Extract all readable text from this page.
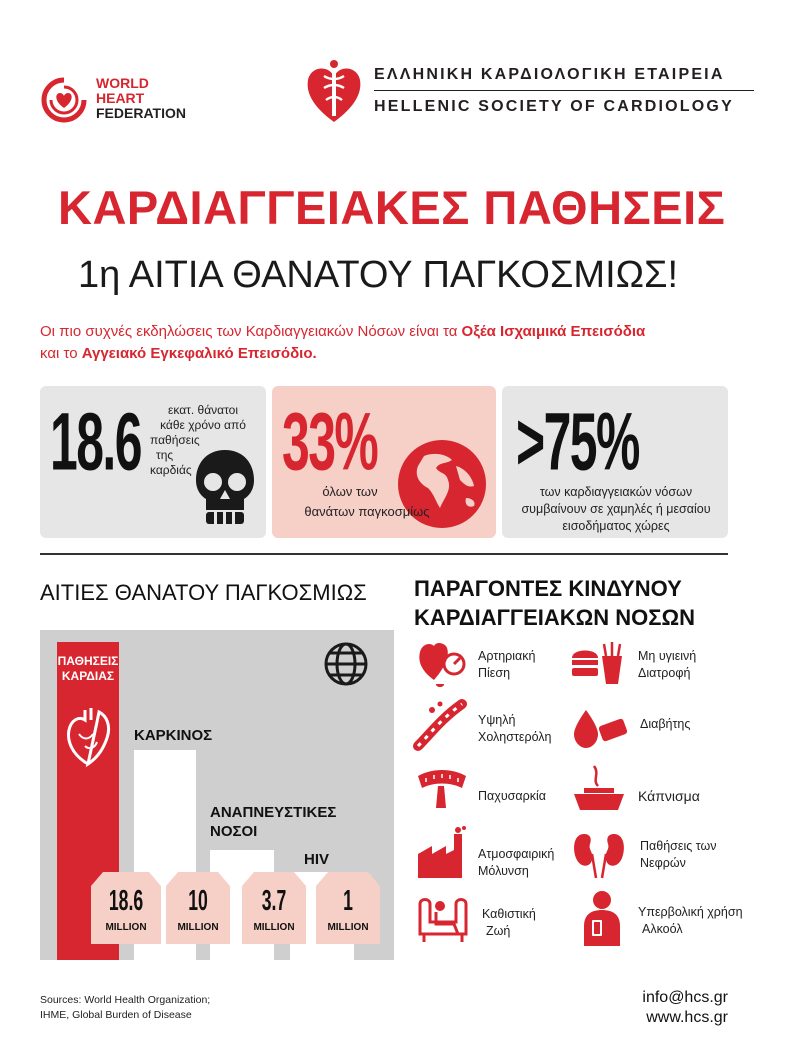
WORLD
HEART
FEDERATION
ΕΛΛΗΝΙΚΗ ΚΑΡΔΙΟΛΟΓΙΚΗ ΕΤΑΙΡΕΙΑ
HELLENIC SOCIETY OF CARDIOLOGY
ΚΑΡΔΙΑΓΓΕΙΑΚΕΣ ΠΑΘΗΣΕΙΣ
1η ΑΙΤΙΑ ΘΑΝΑΤΟΥ ΠΑΓΚΟΣΜΙΩΣ!
Οι πιο συχνές εκδηλώσεις των Καρδιαγγειακών Νόσων είναι τα Οξέα Ισχαιμικά Επεισόδια
και το Αγγειακό Εγκεφαλικό Επεισόδιο.
18.6	εκατ. θάνατοι
κάθε χρόνο από
παθήσεις
της
καρδιάς	33%
όλων των
θανάτων παγκοσμίως
>75%
των καρδιαγγειακών νόσων
συμβαίνουν σε χαμηλές ή μεσαίου
εισοδήματος χώρες
ΑΙΤΙΕΣ ΘΑΝΑΤΟΥ ΠΑΓΚΟΣΜΙΩΣ
ΠΑΘΗΣΕΙΣ
ΚΑΡΔΙΑΣ
ΚΑΡΚΙΝΟΣ
ΑΝΑΠΝΕΥΣΤΙΚΕΣ
ΝΟΣΟΙ
HIV
18.6
MILLION
10
MILLION
3.7
MILLION
1
MILLION
ΠΑΡΑΓΟΝΤΕΣ ΚΙΝΔΥΝΟΥ
ΚΑΡΔΙΑΓΓΕΙΑΚΩΝ ΝΟΣΩΝ
Αρτηριακή
Πίεση
Μη υγιεινή
Διατροφή
Υψηλή
Χοληστερόλη
Διαβήτης
Παχυσαρκία	Κάπνισμα
Ατμοσφαιρική
Μόλυνση
Παθήσεις των
Νεφρών
Καθιστική
Ζωή
Υπερβολική χρήση
Αλκοόλ
Sources: World Health Organization;
IHME, Global Burden of Disease
info@hcs.gr
www.hcs.gr
